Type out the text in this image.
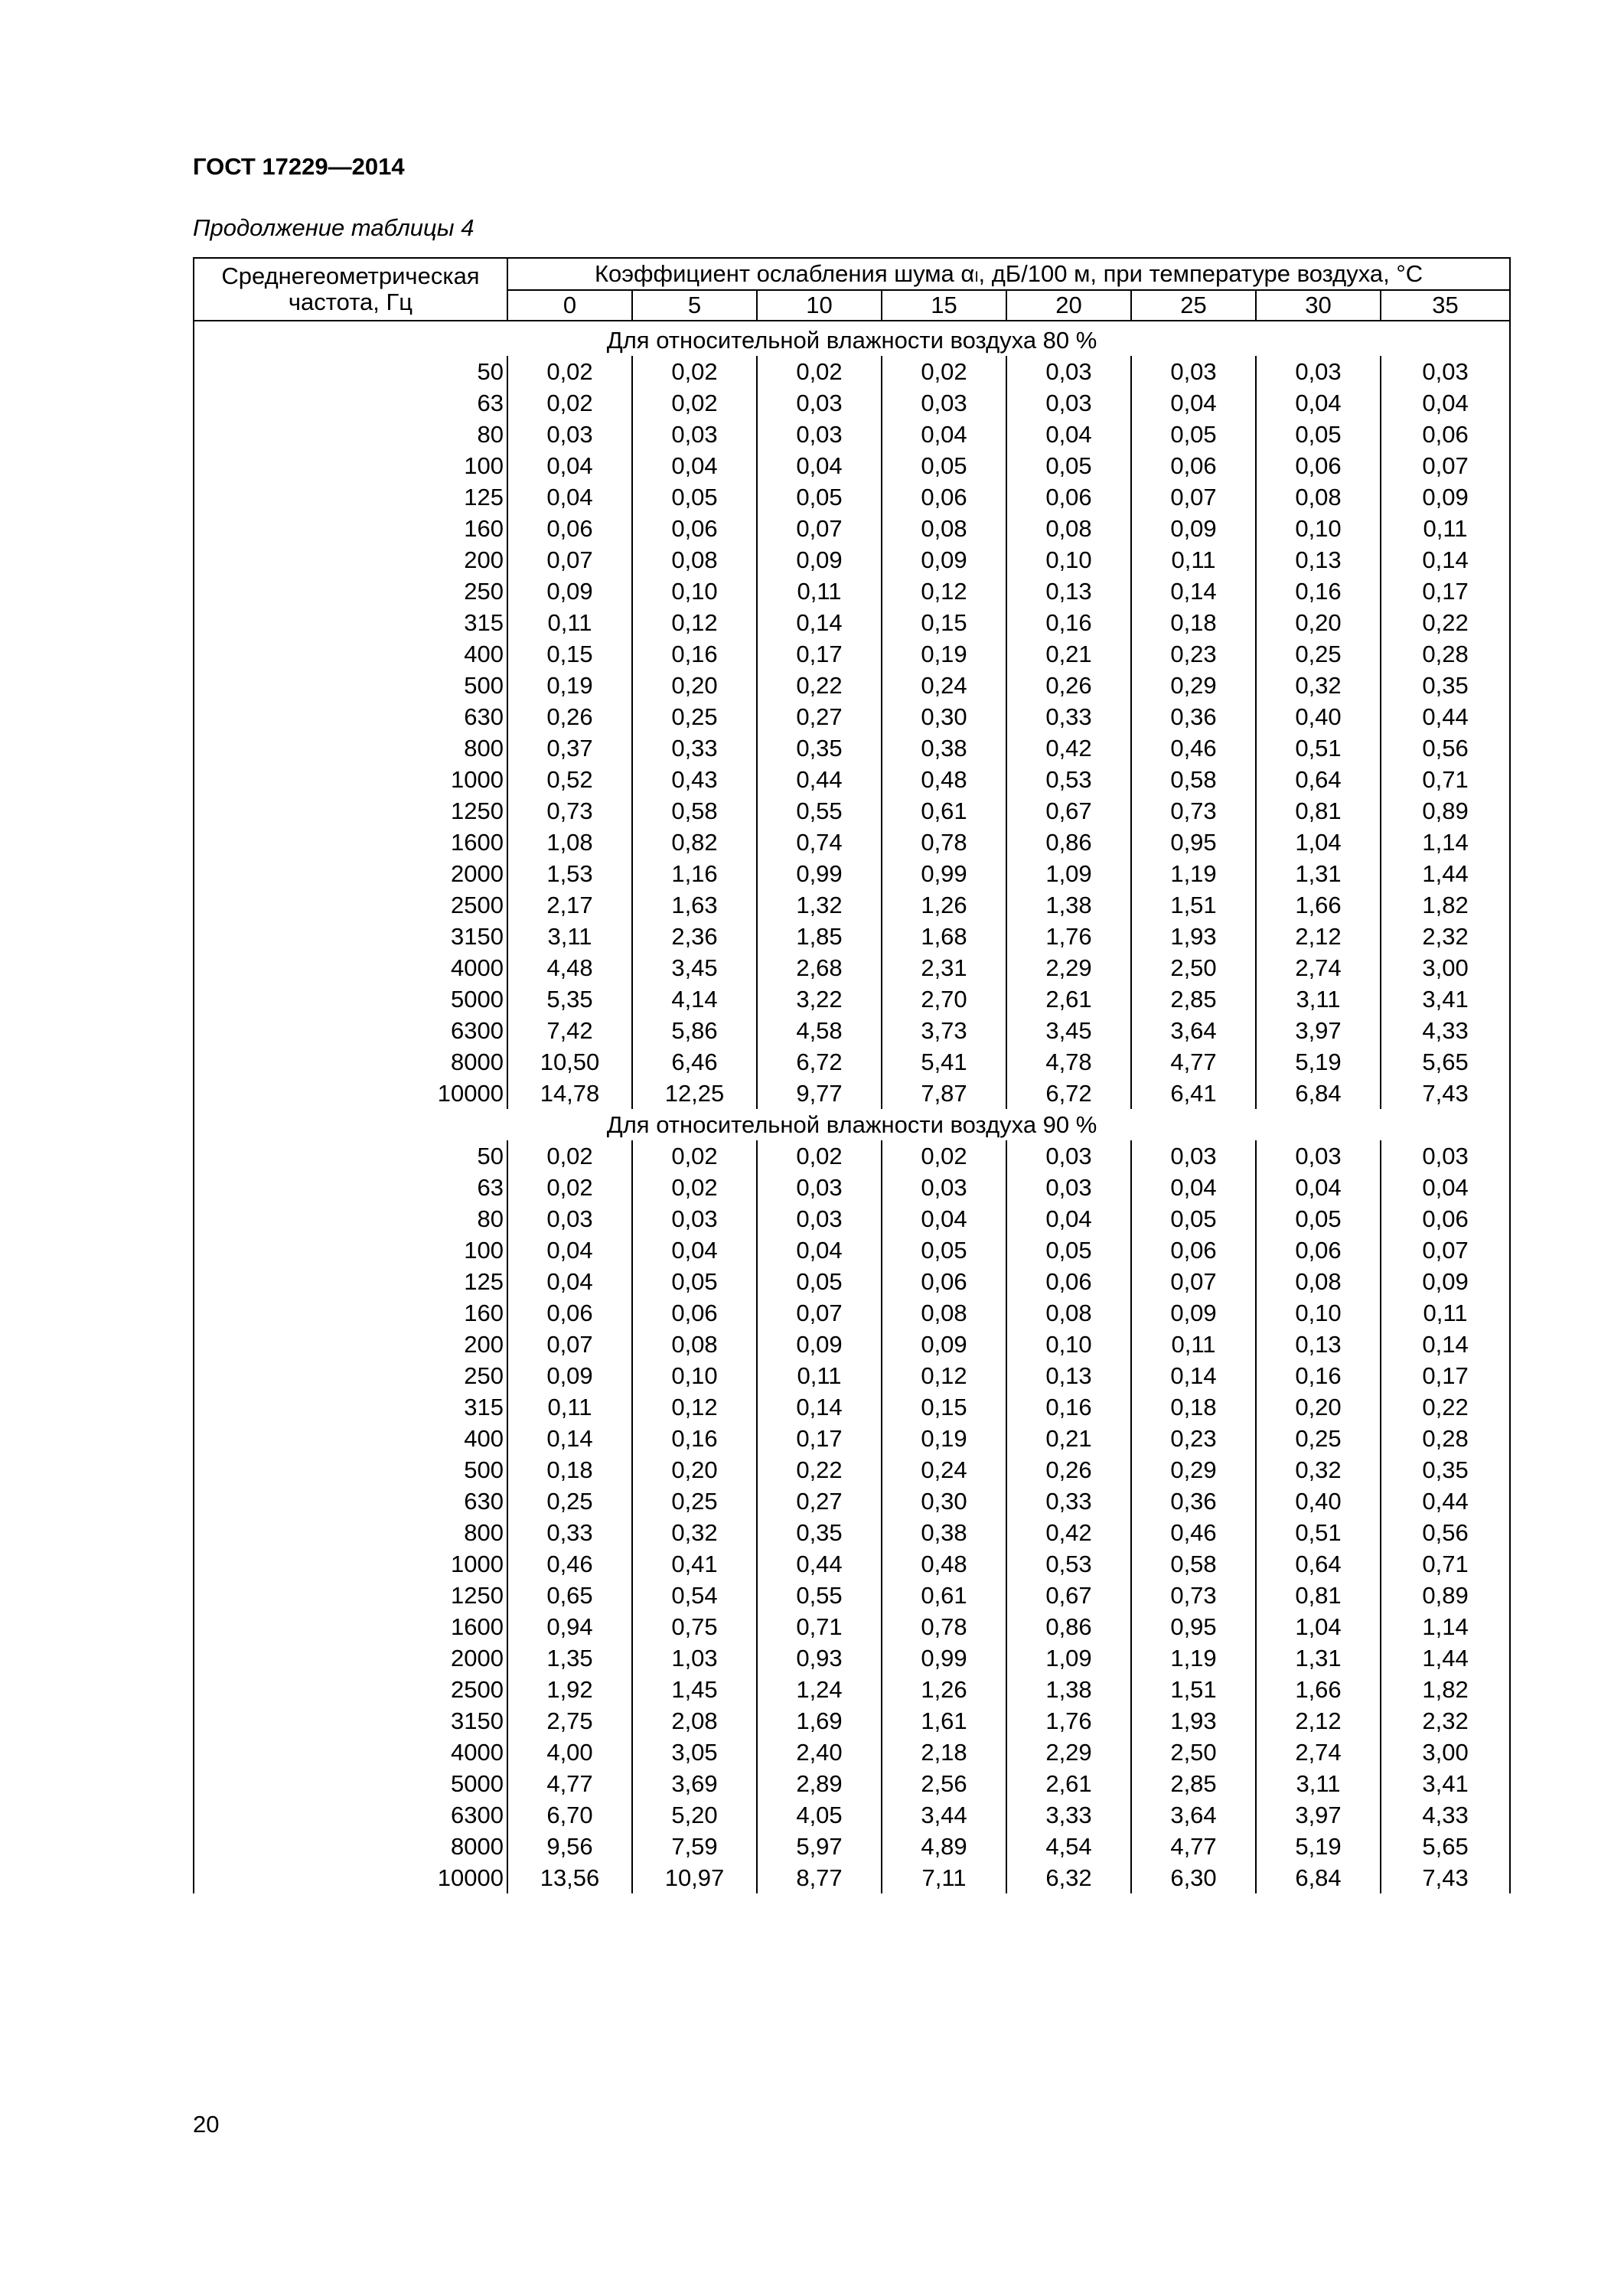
ГОСТ 17229—2014
Продолжение таблицы 4
Среднегеометрическая частота, Гц	Коэффициент ослабления шума αₗ, дБ/100 м, при температуре воздуха, °С							
	0	5	10	15	20	25	30	35

Для относительной влажности воздуха 80 %								
50	0,02	0,02	0,02	0,02	0,03	0,03	0,03	0,03
63	0,02	0,02	0,03	0,03	0,03	0,04	0,04	0,04
80	0,03	0,03	0,03	0,04	0,04	0,05	0,05	0,06
100	0,04	0,04	0,04	0,05	0,05	0,06	0,06	0,07
125	0,04	0,05	0,05	0,06	0,06	0,07	0,08	0,09
160	0,06	0,06	0,07	0,08	0,08	0,09	0,10	0,11
200	0,07	0,08	0,09	0,09	0,10	0,11	0,13	0,14
250	0,09	0,10	0,11	0,12	0,13	0,14	0,16	0,17
315	0,11	0,12	0,14	0,15	0,16	0,18	0,20	0,22
400	0,15	0,16	0,17	0,19	0,21	0,23	0,25	0,28
500	0,19	0,20	0,22	0,24	0,26	0,29	0,32	0,35
630	0,26	0,25	0,27	0,30	0,33	0,36	0,40	0,44
800	0,37	0,33	0,35	0,38	0,42	0,46	0,51	0,56
1000	0,52	0,43	0,44	0,48	0,53	0,58	0,64	0,71
1250	0,73	0,58	0,55	0,61	0,67	0,73	0,81	0,89
1600	1,08	0,82	0,74	0,78	0,86	0,95	1,04	1,14
2000	1,53	1,16	0,99	0,99	1,09	1,19	1,31	1,44
2500	2,17	1,63	1,32	1,26	1,38	1,51	1,66	1,82
3150	3,11	2,36	1,85	1,68	1,76	1,93	2,12	2,32
4000	4,48	3,45	2,68	2,31	2,29	2,50	2,74	3,00
5000	5,35	4,14	3,22	2,70	2,61	2,85	3,11	3,41
6300	7,42	5,86	4,58	3,73	3,45	3,64	3,97	4,33
8000	10,50	6,46	6,72	5,41	4,78	4,77	5,19	5,65
10000	14,78	12,25	9,77	7,87	6,72	6,41	6,84	7,43
Для относительной влажности воздуха 90 %								
50	0,02	0,02	0,02	0,02	0,03	0,03	0,03	0,03
63	0,02	0,02	0,03	0,03	0,03	0,04	0,04	0,04
80	0,03	0,03	0,03	0,04	0,04	0,05	0,05	0,06
100	0,04	0,04	0,04	0,05	0,05	0,06	0,06	0,07
125	0,04	0,05	0,05	0,06	0,06	0,07	0,08	0,09
160	0,06	0,06	0,07	0,08	0,08	0,09	0,10	0,11
200	0,07	0,08	0,09	0,09	0,10	0,11	0,13	0,14
250	0,09	0,10	0,11	0,12	0,13	0,14	0,16	0,17
315	0,11	0,12	0,14	0,15	0,16	0,18	0,20	0,22
400	0,14	0,16	0,17	0,19	0,21	0,23	0,25	0,28
500	0,18	0,20	0,22	0,24	0,26	0,29	0,32	0,35
630	0,25	0,25	0,27	0,30	0,33	0,36	0,40	0,44
800	0,33	0,32	0,35	0,38	0,42	0,46	0,51	0,56
1000	0,46	0,41	0,44	0,48	0,53	0,58	0,64	0,71
1250	0,65	0,54	0,55	0,61	0,67	0,73	0,81	0,89
1600	0,94	0,75	0,71	0,78	0,86	0,95	1,04	1,14
2000	1,35	1,03	0,93	0,99	1,09	1,19	1,31	1,44
2500	1,92	1,45	1,24	1,26	1,38	1,51	1,66	1,82
3150	2,75	2,08	1,69	1,61	1,76	1,93	2,12	2,32
4000	4,00	3,05	2,40	2,18	2,29	2,50	2,74	3,00
5000	4,77	3,69	2,89	2,56	2,61	2,85	3,11	3,41
6300	6,70	5,20	4,05	3,44	3,33	3,64	3,97	4,33
8000	9,56	7,59	5,97	4,89	4,54	4,77	5,19	5,65
10000	13,56	10,97	8,77	7,11	6,32	6,30	6,84	7,43
20
